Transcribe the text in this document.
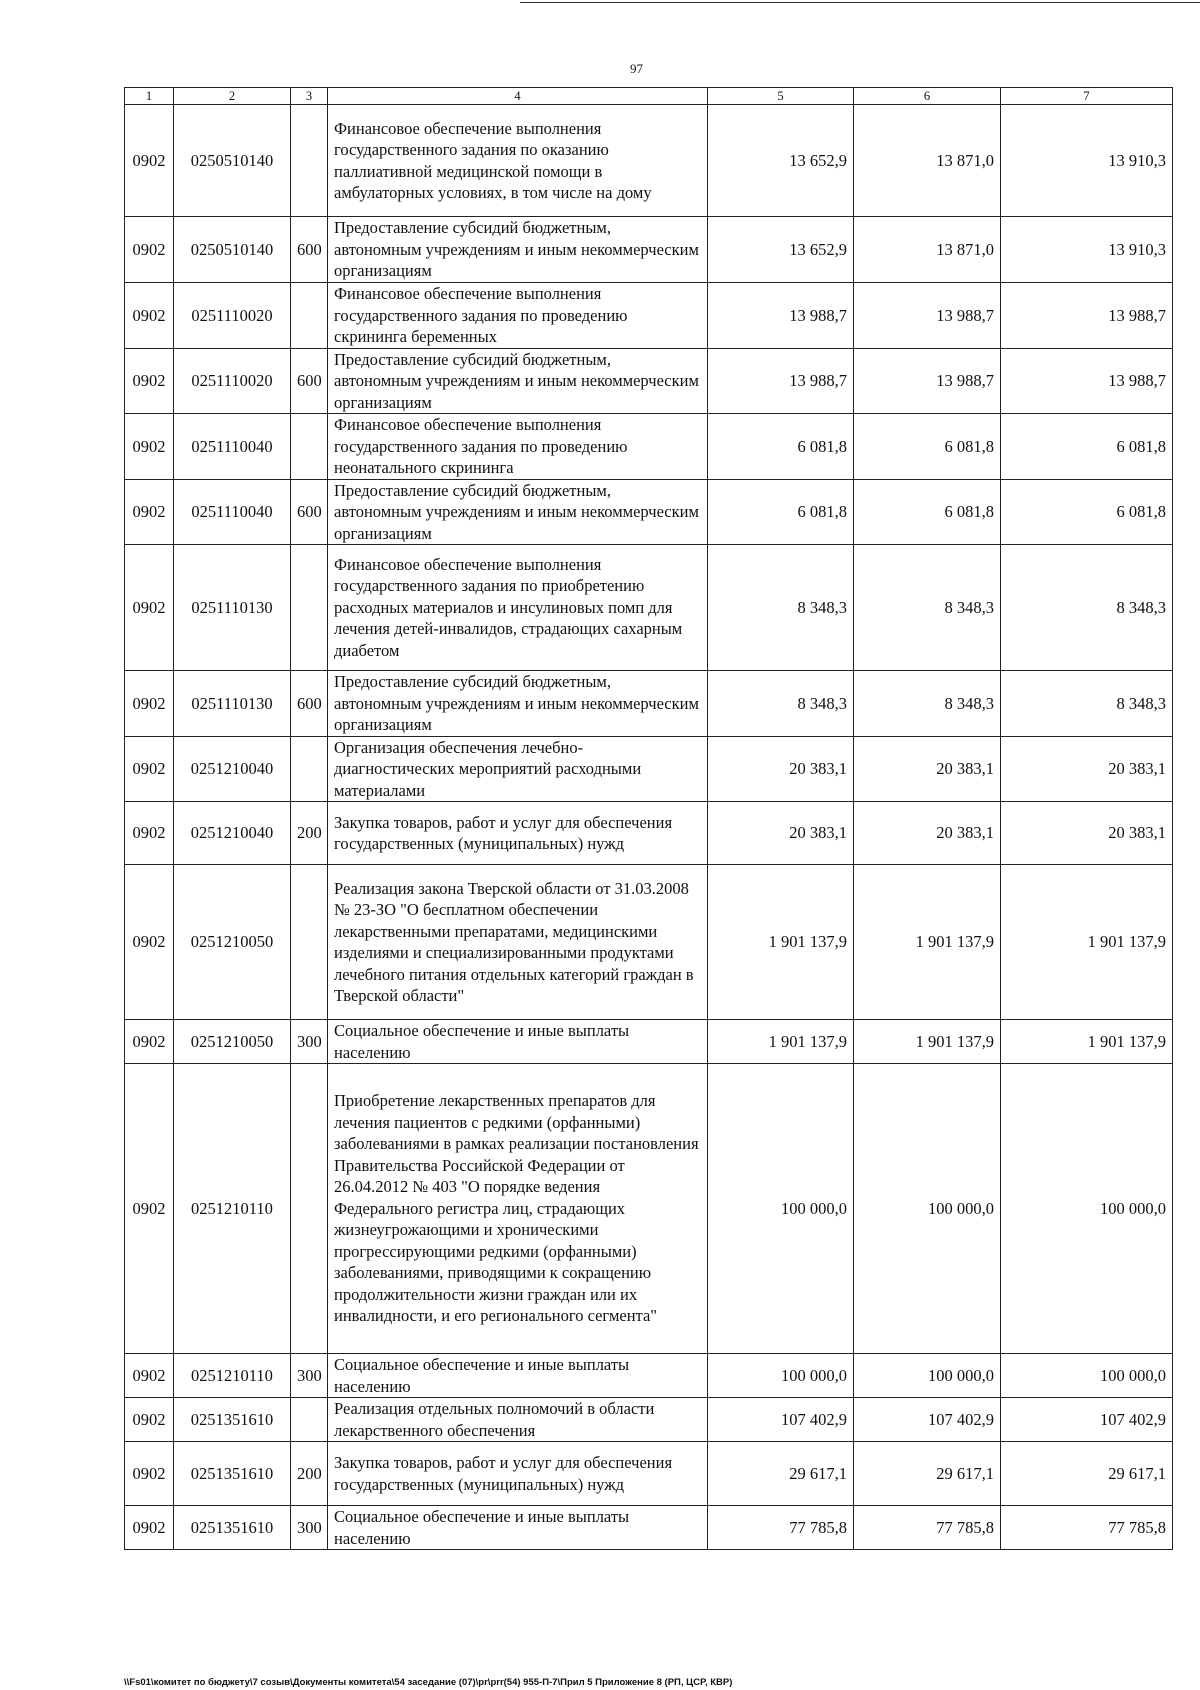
97
1	2	3	4	5	6	7
0902	0250510140		Финансовое обеспечение выполнения государственного задания по оказанию паллиативной медицинской помощи в амбулаторных условиях, в том числе на дому	13 652,9	13 871,0	13 910,3
0902	0250510140	600	Предоставление субсидий бюджетным, автономным учреждениям и иным некоммерческим организациям	13 652,9	13 871,0	13 910,3
0902	0251110020		Финансовое обеспечение выполнения государственного задания по проведению скрининга беременных	13 988,7	13 988,7	13 988,7
0902	0251110020	600	Предоставление субсидий бюджетным, автономным учреждениям и иным некоммерческим организациям	13 988,7	13 988,7	13 988,7
0902	0251110040		Финансовое обеспечение выполнения государственного задания по проведению неонатального скрининга	6 081,8	6 081,8	6 081,8
0902	0251110040	600	Предоставление субсидий бюджетным, автономным учреждениям и иным некоммерческим организациям	6 081,8	6 081,8	6 081,8
0902	0251110130		Финансовое обеспечение выполнения государственного задания по приобретению расходных материалов и инсулиновых помп для лечения детей-инвалидов, страдающих сахарным диабетом	8 348,3	8 348,3	8 348,3
0902	0251110130	600	Предоставление субсидий бюджетным, автономным учреждениям и иным некоммерческим организациям	8 348,3	8 348,3	8 348,3
0902	0251210040		Организация обеспечения лечебно-диагностических мероприятий расходными материалами	20 383,1	20 383,1	20 383,1
0902	0251210040	200	Закупка товаров, работ и услуг для обеспечения государственных (муниципальных) нужд	20 383,1	20 383,1	20 383,1
0902	0251210050		Реализация закона Тверской области от 31.03.2008 № 23-ЗО "О бесплатном обеспечении лекарственными препаратами, медицинскими изделиями и специализированными продуктами лечебного питания отдельных категорий граждан в Тверской области"	1 901 137,9	1 901 137,9	1 901 137,9
0902	0251210050	300	Социальное обеспечение и иные выплаты населению	1 901 137,9	1 901 137,9	1 901 137,9
0902	0251210110		Приобретение лекарственных препаратов для лечения пациентов с редкими (орфанными) заболеваниями в рамках реализации постановления Правительства Российской Федерации от 26.04.2012 № 403 "О порядке ведения Федерального регистра лиц, страдающих жизнеугрожающими и хроническими прогрессирующими редкими (орфанными) заболеваниями, приводящими к сокращению продолжительности жизни граждан или их инвалидности, и его регионального сегмента"	100 000,0	100 000,0	100 000,0
0902	0251210110	300	Социальное обеспечение и иные выплаты населению	100 000,0	100 000,0	100 000,0
0902	0251351610		Реализация отдельных полномочий в области лекарственного обеспечения	107 402,9	107 402,9	107 402,9
0902	0251351610	200	Закупка товаров, работ и услуг для обеспечения государственных (муниципальных) нужд	29 617,1	29 617,1	29 617,1
0902	0251351610	300	Социальное обеспечение и иные выплаты населению	77 785,8	77 785,8	77 785,8
\\Fs01\комитет по бюджету\7 созыв\Документы комитета\54 заседание (07)\pr\prr(54) 955-П-7\Прил 5 Приложение 8 (РП, ЦСР, КВР)
